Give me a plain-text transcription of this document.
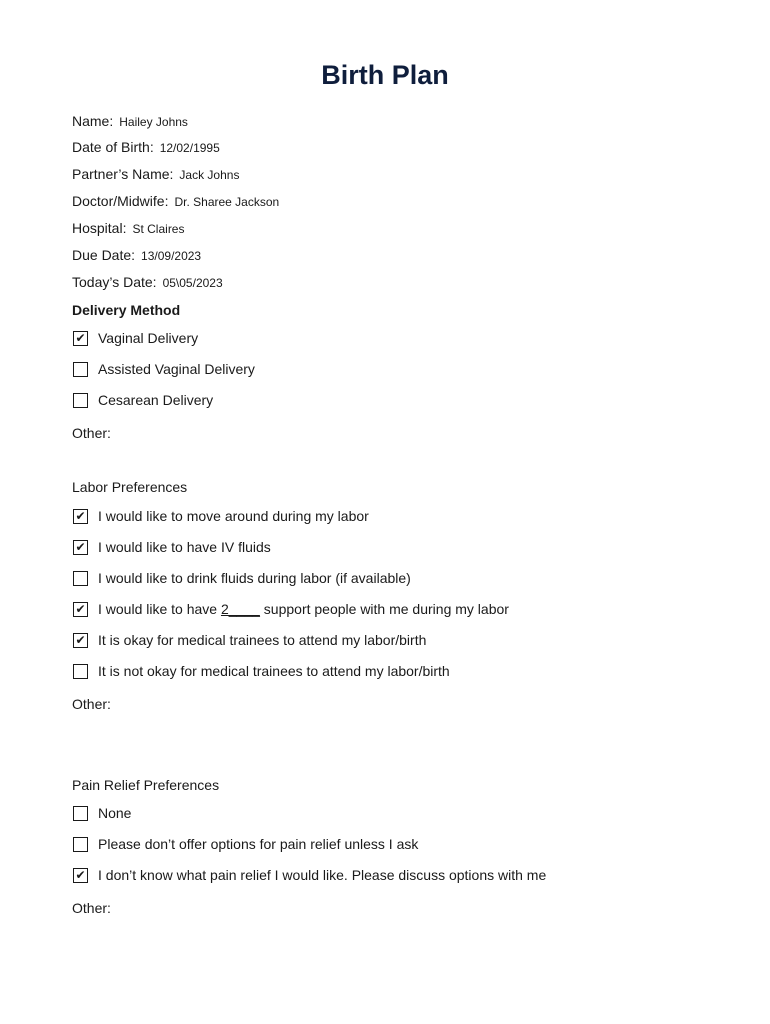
Birth Plan
Name: Hailey Johns
Date of Birth: 12/02/1995
Partner’s Name: Jack Johns
Doctor/Midwife: Dr. Sharee Jackson
Hospital: St Claires
Due Date: 13/09/2023
Today’s Date: 05\05/2023
Delivery Method
✔ Vaginal Delivery
Assisted Vaginal Delivery
Cesarean Delivery
Other:
Labor Preferences
✔ I would like to move around during my labor
✔ I would like to have IV fluids
I would like to drink fluids during labor (if available)
✔ I would like to have 2____ support people with me during my labor
✔ It is okay for medical trainees to attend my labor/birth
It is not okay for medical trainees to attend my labor/birth
Other:
Pain Relief Preferences
None
Please don’t offer options for pain relief unless I ask
✔ I don’t know what pain relief I would like. Please discuss options with me
Other:
